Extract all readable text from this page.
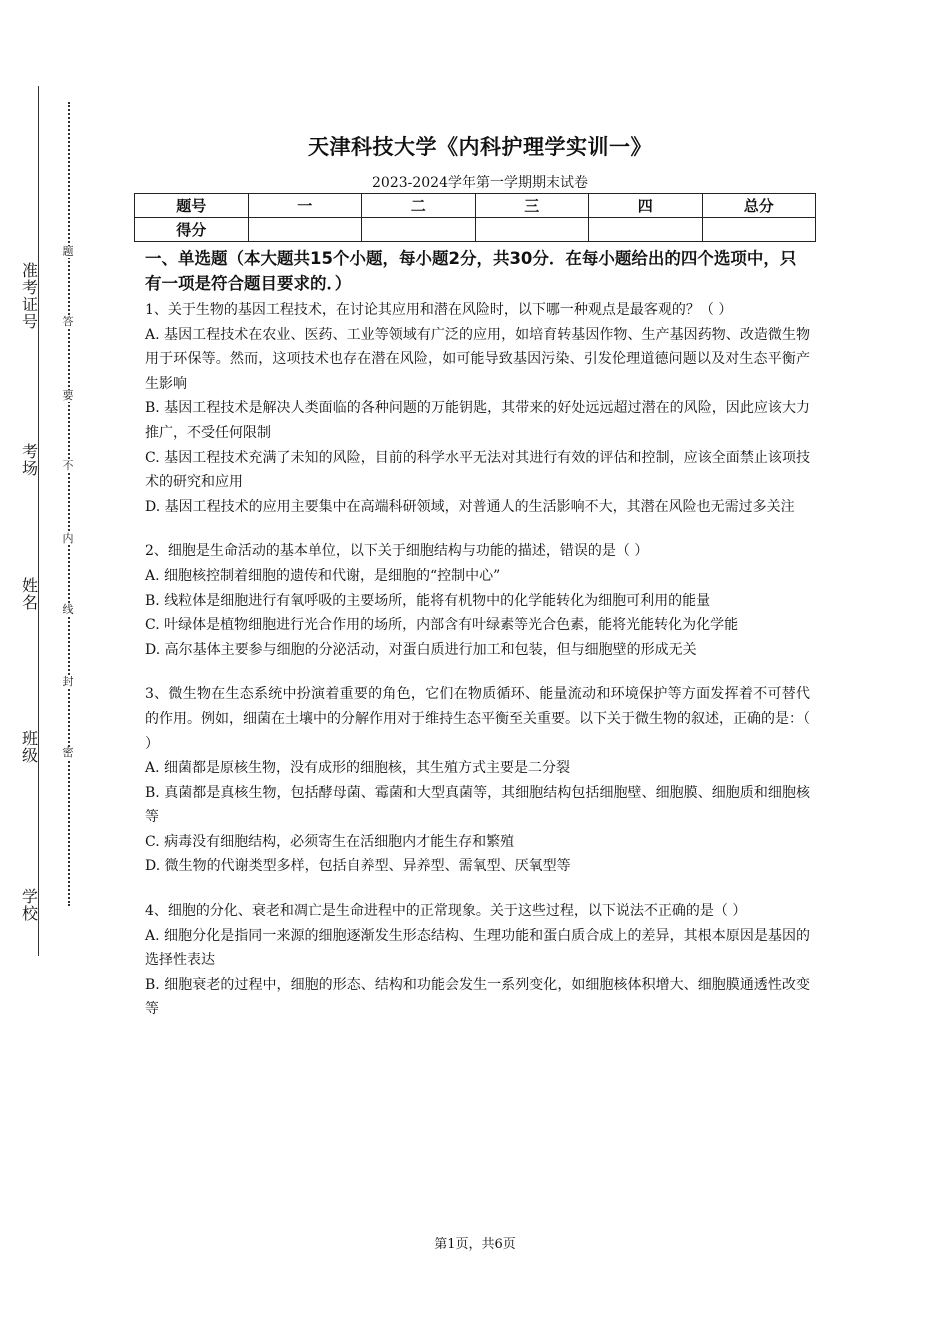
准考证号
考场
姓名
班级
学校
题
答
要
不
内
线
封
密
天津科技大学《内科护理学实训一》
2023-2024学年第一学期期末试卷
题号	一	二	三	四	总分
得分					

一、单选题（本大题共15个小题，每小题2分，共30分．在每小题给出的四个选项中，只有一项是符合题目要求的．）

1、关于生物的基因工程技术，在讨论其应用和潜在风险时，以下哪一种观点是最客观的？（ ）

A. 基因工程技术在农业、医药、工业等领域有广泛的应用，如培育转基因作物、生产基因药物、改造微生物用于环保等。然而，这项技术也存在潜在风险，如可能导致基因污染、引发伦理道德问题以及对生态平衡产生影响

B. 基因工程技术是解决人类面临的各种问题的万能钥匙，其带来的好处远远超过潜在的风险，因此应该大力推广，不受任何限制

C. 基因工程技术充满了未知的风险，目前的科学水平无法对其进行有效的评估和控制，应该全面禁止该项技术的研究和应用

D. 基因工程技术的应用主要集中在高端科研领域，对普通人的生活影响不大，其潜在风险也无需过多关注

2、细胞是生命活动的基本单位，以下关于细胞结构与功能的描述，错误的是（ ）

A. 细胞核控制着细胞的遗传和代谢，是细胞的“控制中心”

B. 线粒体是细胞进行有氧呼吸的主要场所，能将有机物中的化学能转化为细胞可利用的能量

C. 叶绿体是植物细胞进行光合作用的场所，内部含有叶绿素等光合色素，能将光能转化为化学能

D. 高尔基体主要参与细胞的分泌活动，对蛋白质进行加工和包装，但与细胞壁的形成无关

3、微生物在生态系统中扮演着重要的角色，它们在物质循环、能量流动和环境保护等方面发挥着不可替代的作用。例如，细菌在土壤中的分解作用对于维持生态平衡至关重要。以下关于微生物的叙述，正确的是：（ ）

A. 细菌都是原核生物，没有成形的细胞核，其生殖方式主要是二分裂

B. 真菌都是真核生物，包括酵母菌、霉菌和大型真菌等，其细胞结构包括细胞壁、细胞膜、细胞质和细胞核等

C. 病毒没有细胞结构，必须寄生在活细胞内才能生存和繁殖

D. 微生物的代谢类型多样，包括自养型、异养型、需氧型、厌氧型等

4、细胞的分化、衰老和凋亡是生命进程中的正常现象。关于这些过程，以下说法不正确的是（ ）

A. 细胞分化是指同一来源的细胞逐渐发生形态结构、生理功能和蛋白质合成上的差异，其根本原因是基因的选择性表达

B. 细胞衰老的过程中，细胞的形态、结构和功能会发生一系列变化，如细胞核体积增大、细胞膜通透性改变等

第1页，共6页
